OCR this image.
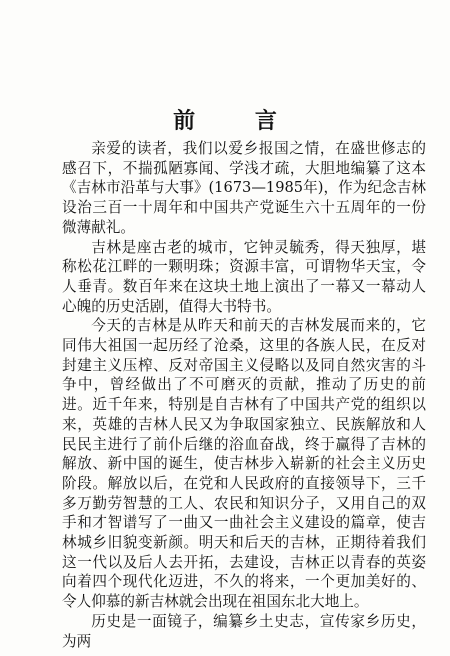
前 言

亲爱的读者，我们以爱乡报国之情，在盛世修志的感召下，不揣孤陋寡闻、学浅才疏，大胆地编纂了这本《吉林市沿革与大事》(1673—1985年)，作为纪念吉林设治三百一十周年和中国共产党诞生六十五周年的一份微薄献礼。

吉林是座古老的城市，它钟灵毓秀，得天独厚，堪称松花江畔的一颗明珠；资源丰富，可谓物华天宝，令人垂青。数百年来在这块土地上演出了一幕又一幕动人心魄的历史活剧，值得大书特书。

今天的吉林是从昨天和前天的吉林发展而来的，它同伟大祖国一起历经了沧桑，这里的各族人民，在反对封建主义压榨、反对帝国主义侵略以及同自然灾害的斗争中，曾经做出了不可磨灭的贡献，推动了历史的前进。近千年来，特别是自吉林有了中国共产党的组织以来，英雄的吉林人民又为争取国家独立、民族解放和人民民主进行了前仆后继的浴血奋战，终于赢得了吉林的解放、新中国的诞生，使吉林步入崭新的社会主义历史阶段。解放以后，在党和人民政府的直接领导下，三千多万勤劳智慧的工人、农民和知识分子，又用自己的双手和才智谱写了一曲又一曲社会主义建设的篇章，使吉林城乡旧貌变新颜。明天和后天的吉林，正期待着我们这一代以及后人去开拓，去建设，吉林正以青春的英姿向着四个现代化迈进，不久的将来，一个更加美好的、令人仰慕的新吉林就会出现在祖国东北大地上。

历史是一面镜子，编纂乡土史志，宣传家乡历史，为两
